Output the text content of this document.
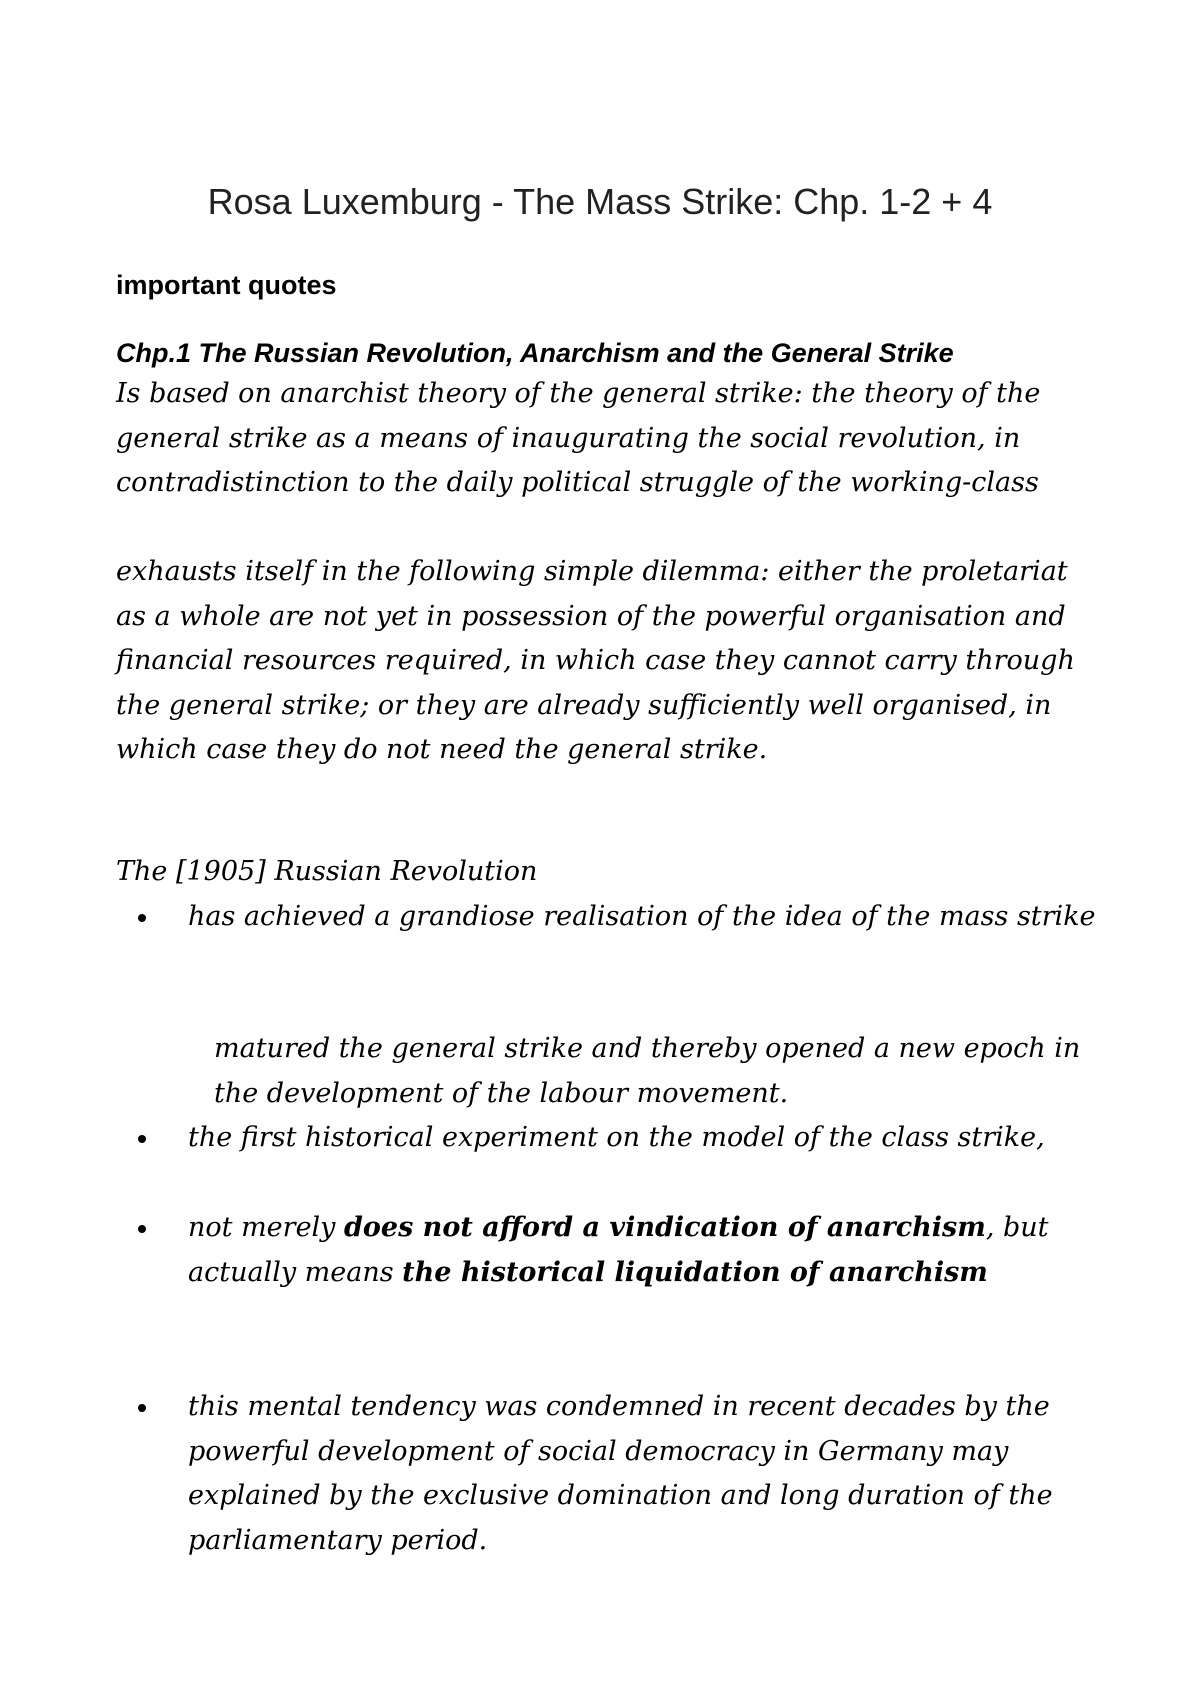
Rosa Luxemburg - The Mass Strike: Chp. 1-2 + 4
important quotes
Chp.1 The Russian Revolution, Anarchism and the General Strike
Is based on anarchist theory of the general strike: the theory of the general strike as a means of inaugurating the social revolution, in contradistinction to the daily political struggle of the working-class
exhausts itself in the following simple dilemma: either the proletariat as a whole are not yet in possession of the powerful organisation and financial resources required, in which case they cannot carry through the general strike; or they are already sufficiently well organised, in which case they do not need the general strike.
The [1905] Russian Revolution
has achieved a grandiose realisation of the idea of the mass strike
matured the general strike and thereby opened a new epoch in the development of the labour movement.
the first historical experiment on the model of the class strike,
not merely does not afford a vindication of anarchism, but actually means the historical liquidation of anarchism
this mental tendency was condemned in recent decades by the powerful development of social democracy in Germany may explained by the exclusive domination and long duration of the parliamentary period.
